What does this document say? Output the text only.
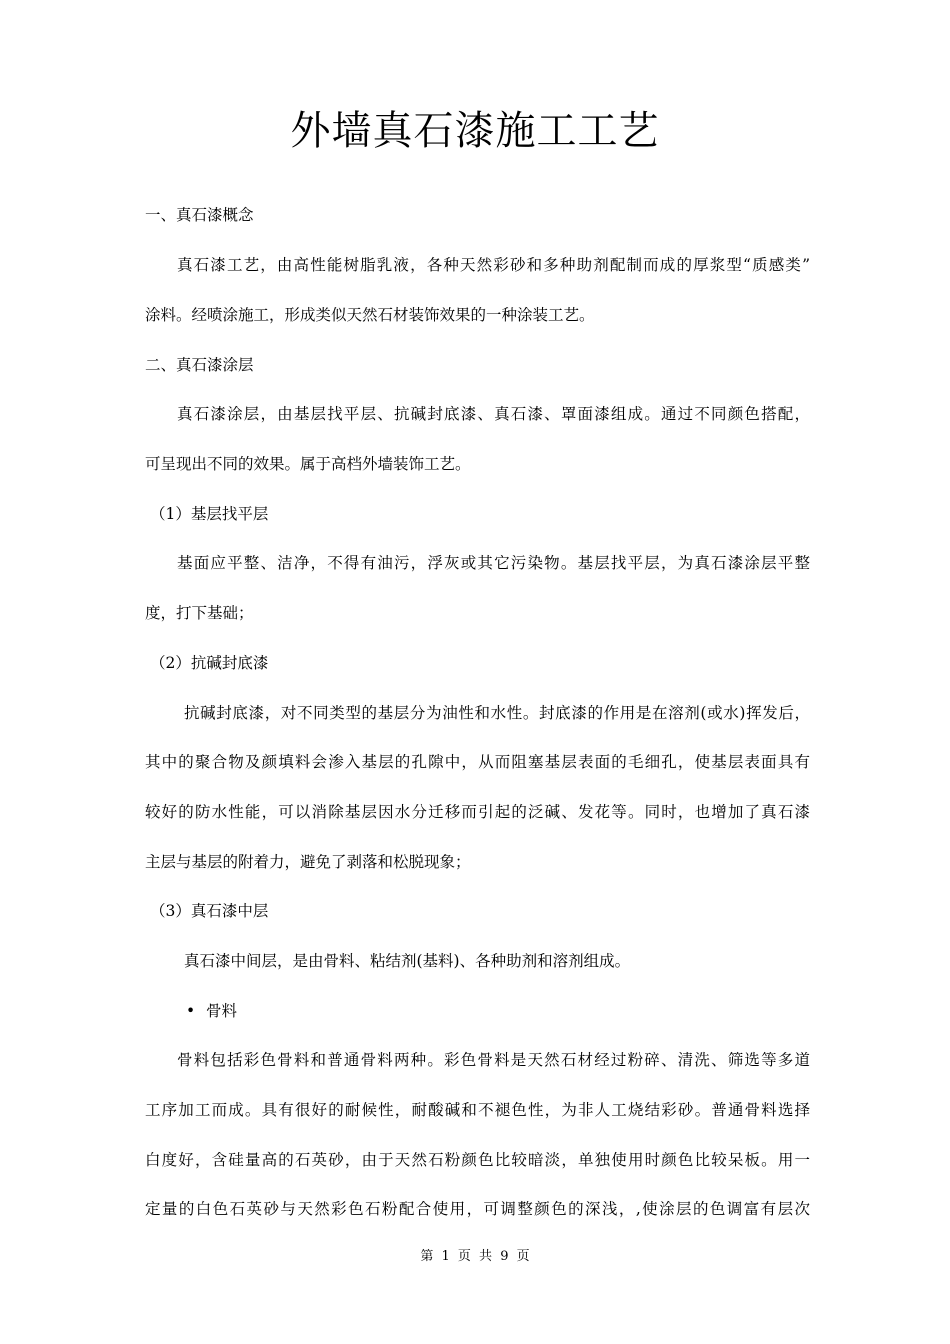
外墙真石漆施工工艺
一、真石漆概念
真石漆工艺，由高性能树脂乳液，各种天然彩砂和多种助剂配制而成的厚浆型“质感类”
涂料。经喷涂施工，形成类似天然石材装饰效果的一种涂装工艺。
二、真石漆涂层
真石漆涂层，由基层找平层、抗碱封底漆、真石漆、罩面漆组成。通过不同颜色搭配，
可呈现出不同的效果。属于高档外墙装饰工艺。
（1）基层找平层
基面应平整、洁净，不得有油污，浮灰或其它污染物。基层找平层，为真石漆涂层平整
度，打下基础；
（2）抗碱封底漆
抗碱封底漆，对不同类型的基层分为油性和水性。封底漆的作用是在溶剂(或水)挥发后，
其中的聚合物及颜填料会渗入基层的孔隙中，从而阻塞基层表面的毛细孔，使基层表面具有
较好的防水性能，可以消除基层因水分迁移而引起的泛碱、发花等。同时，也增加了真石漆
主层与基层的附着力，避免了剥落和松脱现象；
（3）真石漆中层
真石漆中间层，是由骨料、粘结剂(基料)、各种助剂和溶剂组成。
• 骨料
骨料包括彩色骨料和普通骨料两种。彩色骨料是天然石材经过粉碎、清洗、筛选等多道
工序加工而成。具有很好的耐候性，耐酸碱和不褪色性，为非人工烧结彩砂。普通骨料选择
白度好，含硅量高的石英砂，由于天然石粉颜色比较暗淡，单独使用时颜色比较呆板。用一
定量的白色石英砂与天然彩色石粉配合使用，可调整颜色的深浅，,使涂层的色调富有层次
第 1 页 共 9 页
